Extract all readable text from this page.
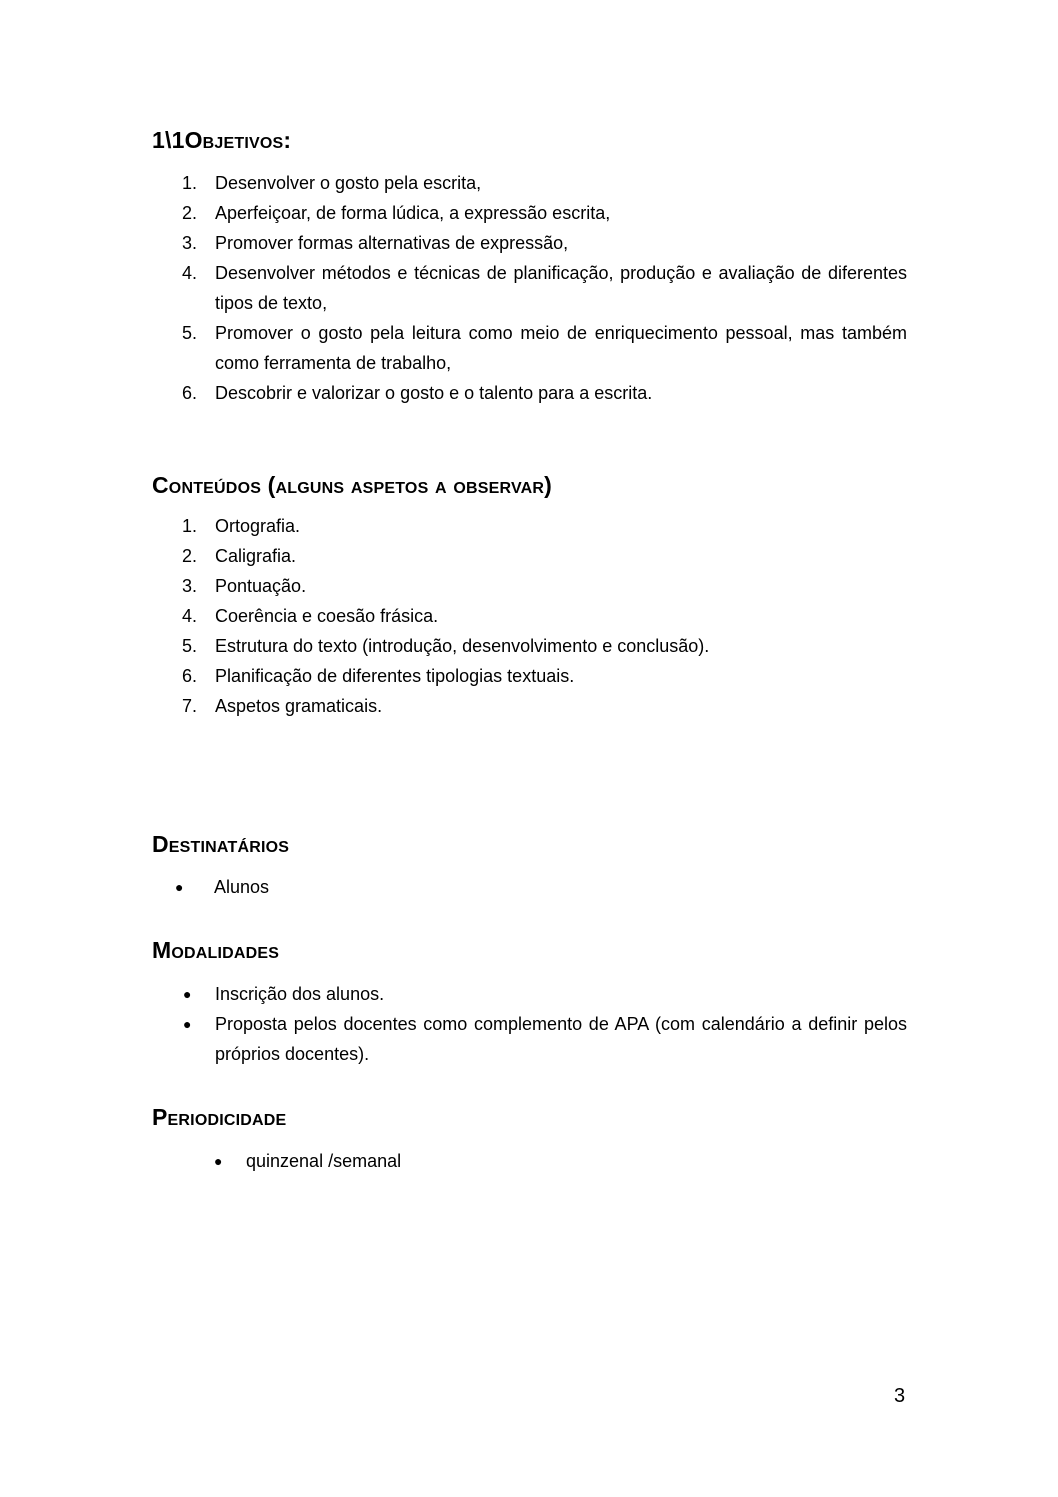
1\1Objetivos:
1. Desenvolver o gosto pela escrita,
2. Aperfeiçoar, de forma lúdica, a expressão escrita,
3. Promover formas alternativas de expressão,
4. Desenvolver métodos e técnicas de planificação, produção e avaliação de diferentes tipos de texto,
5. Promover o gosto pela leitura como meio de enriquecimento pessoal, mas também como ferramenta de trabalho,
6. Descobrir e valorizar o gosto e o talento para a escrita.
Conteúdos (alguns aspetos a observar)
1. Ortografia.
2. Caligrafia.
3. Pontuação.
4. Coerência e coesão frásica.
5. Estrutura do texto (introdução, desenvolvimento e conclusão).
6. Planificação de diferentes tipologias textuais.
7. Aspetos gramaticais.
Destinatários
● Alunos
Modalidades
● Inscrição dos alunos.
● Proposta pelos docentes como complemento de APA (com calendário a definir pelos próprios docentes).
Periodicidade
● quinzenal /semanal
3
